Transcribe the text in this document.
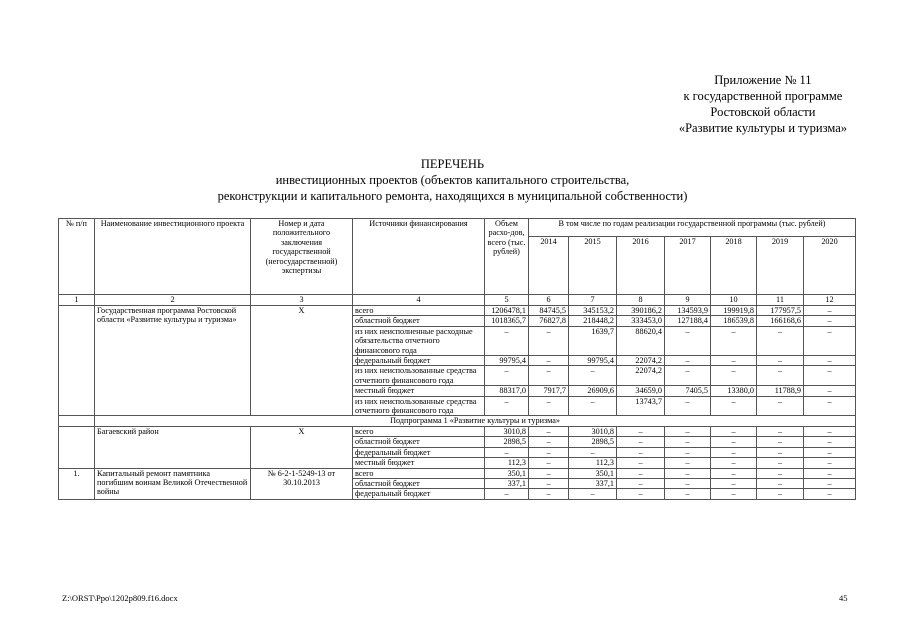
Приложение № 11
к государственной программе
Ростовской области
«Развитие культуры и туризма»
ПЕРЕЧЕНЬ
инвестиционных проектов (объектов капитального строительства,
реконструкции и капитального ремонта, находящихся в муниципальной собственности)
№ п/п	Наименование инвестиционного проекта	Номер и дата положительного заключения государственной (негосударственной) экспертизы	Источники финансирования	Объем расхо-дов, всего (тыс. рублей)	В том числе по годам реализации государственной программы (тыс. рублей)						
					2014	2015	2016	2017	2018	2019	2020
1	2	3	4	5	6	7	8	9	10	11	12
	Государственная программа Ростовской области «Развитие культуры и туризма»	Х	всего	1206478,1	84745,5	345153,2	390186,2	134593,9	199919,8	177957,5	–
			областной бюджет	1018365,7	76827,8	218448,2	333453,0	127188,4	186539,8	166168,6	–
			из них неисполненные расходные обязательства отчетного финансового года	–	–	1639,7	88620,4	–	–	–	–
			федеральный бюджет	99795,4	–	99795,4	22074,2	–	–	–	–
			из них неиспользованные средства отчетного финансового года	–	–	–	22074,2	–	–	–	–
			местный бюджет	88317,0	7917,7	26909,6	34659,0	7405,5	13380,0	11788,9	–
			из них неиспользованные средства отчетного финансового года	–	–	–	13743,7	–	–	–	–
	Подпрограмма 1 «Развитие культуры и туризма»										
	Багаевский район	Х	всего	3010,8	–	3010,8	–	–	–	–	–
			областной бюджет	2898,5	–	2898,5	–	–	–	–	–
			федеральный бюджет	–	–	–	–	–	–	–	–
			местный бюджет	112,3	–	112,3	–	–	–	–	–
1.	Капитальный ремонт памятника погибшим воинам Великой Отечественной войны	№ 6-2-1-5249-13 от 30.10.2013	всего	350,1	–	350,1	–	–	–	–	–
			областной бюджет	337,1	–	337,1	–	–	–	–	–
			федеральный бюджет	–	–	–	–	–	–	–	–
Z:\ORST\Ppo\1202p809.f16.docx	45
